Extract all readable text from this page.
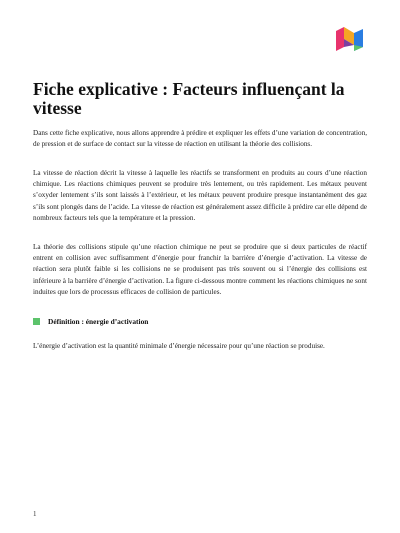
Fiche explicative : Facteurs influençant la vitesse

Dans cette fiche explicative, nous allons apprendre à prédire et expliquer les effets d’une variation de concentration, de pression et de surface de contact sur la vitesse de réaction en utilisant la théorie des collisions.

La vitesse de réaction décrit la vitesse à laquelle les réactifs se transforment en produits au cours d’une réaction chimique. Les réactions chimiques peuvent se produire très lentement, ou très rapidement. Les métaux peuvent s’oxyder lentement s’ils sont laissés à l’extérieur, et les métaux peuvent produire presque instantanément des gaz s’ils sont plongés dans de l’acide. La vitesse de réaction est généralement assez difficile à prédire car elle dépend de nombreux facteurs tels que la température et la pression.

La théorie des collisions stipule qu’une réaction chimique ne peut se produire que si deux particules de réactif entrent en collision avec suffisamment d’énergie pour franchir la barrière d’énergie d’activation. La vitesse de réaction sera plutôt faible si les collisions ne se produisent pas très souvent ou si l’énergie des collisions est inférieure à la barrière d’énergie d’activation. La figure ci-dessous montre comment les réactions chimiques ne sont induites que lors de processus efficaces de collision de particules.

Définition : énergie d’activation

L’énergie d’activation est la quantité minimale d’énergie nécessaire pour qu’une réaction se produise.

1
